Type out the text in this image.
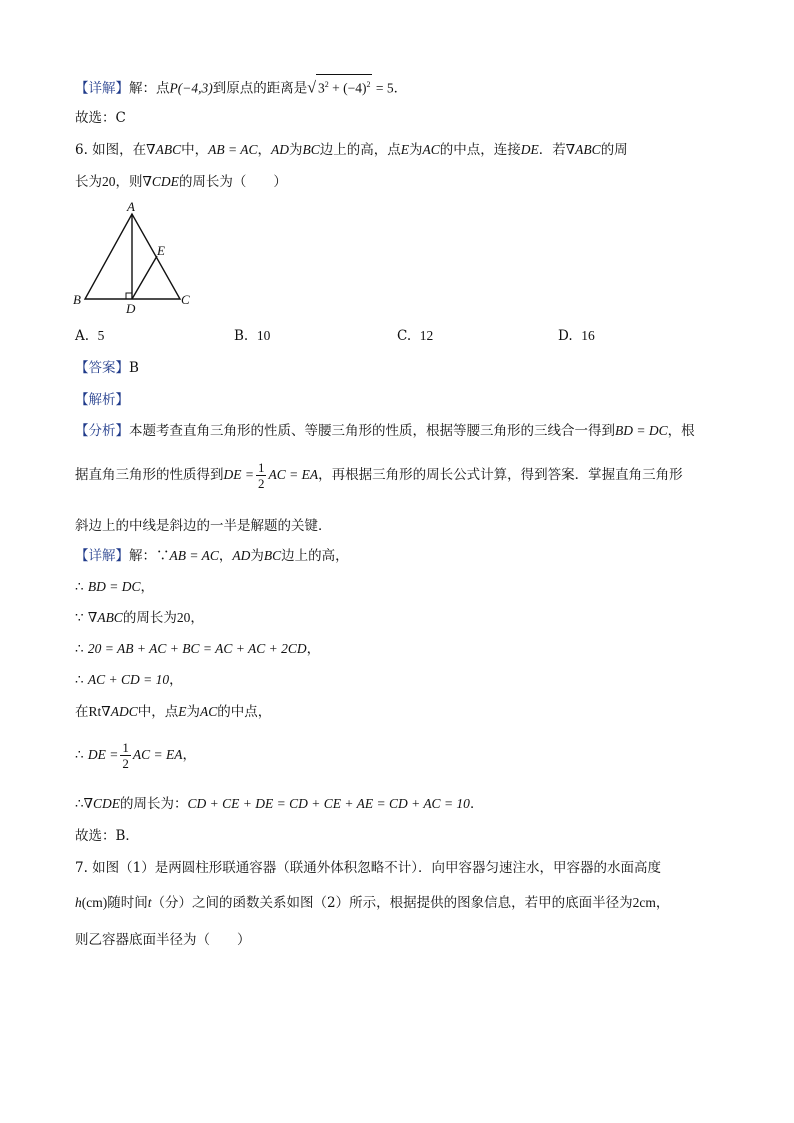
【详解】解：点P(−4,3)到原点的距离是√ $3^2 + (-4)^2 = 5$．
故选：C
6. 如图，在∇ABC中，AB = AC，AD为BC边上的高，点E为AC的中点，连接DE．若∇ABC的周
长为20，则∇CDE的周长为（　　）
A
E
B
D
C
A. 5	B. 10	C. 12	D. 16
【答案】B
【解析】
【分析】本题考查直角三角形的性质、等腰三角形的性质，根据等腰三角形的三线合一得到BD = DC，根
据直角三角形的性质得到DE = $\frac{1}{2}$ AC = EA，再根据三角形的周长公式计算，得到答案．掌握直角三角形
斜边上的中线是斜边的一半是解题的关键．
【详解】解：∵AB = AC，AD为BC边上的高，
∴ BD = DC，
∵ ∇ABC的周长为20，
∴ 20 = AB + AC + BC = AC + AC + 2CD，
∴ AC + CD = 10，
在Rt∇ADC中，点E为AC的中点，
∴ DE = $\frac{1}{2}$ AC = EA，
∴∇CDE的周长为：CD + CE + DE = CD + CE + AE = CD + AC = 10．
故选：B．
7. 如图（1）是两圆柱形联通容器（联通外体积忽略不计）．向甲容器匀速注水，甲容器的水面高度
h(cm)随时间t（分）之间的函数关系如图（2）所示，根据提供的图象信息，若甲的底面半径为2cm，
则乙容器底面半径为（　　）
